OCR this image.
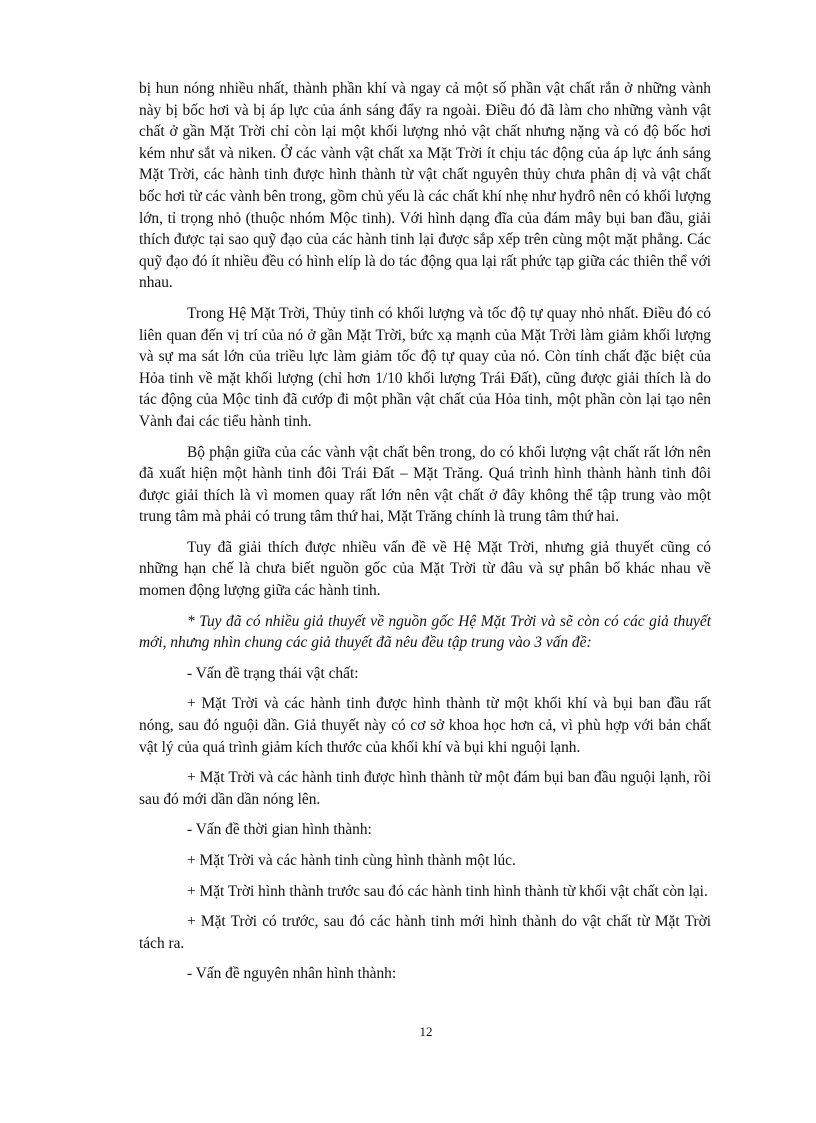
bị hun nóng nhiều nhất, thành phần khí và ngay cả một số phần vật chất rắn ở những vành này bị bốc hơi và bị áp lực của ánh sáng đẩy ra ngoài. Điều đó đã làm cho những vành vật chất ở gần Mặt Trời chỉ còn lại một khối lượng nhỏ vật chất nhưng nặng và có độ bốc hơi kém như sắt và niken. Ở các vành vật chất xa Mặt Trời ít chịu tác động của áp lực ánh sáng Mặt Trời, các hành tinh được hình thành từ vật chất nguyên thủy chưa phân dị và vật chất bốc hơi từ các vành bên trong, gồm chủ yếu là các chất khí nhẹ như hyđrô nên có khối lượng lớn, tỉ trọng nhỏ (thuộc nhóm Mộc tinh). Với hình dạng đĩa của đám mây bụi ban đầu, giải thích được tại sao quỹ đạo của các hành tinh lại được sắp xếp trên cùng một mặt phẳng. Các quỹ đạo đó ít nhiều đều có hình elíp là do tác động qua lại rất phức tạp giữa các thiên thể với nhau.

Trong Hệ Mặt Trời, Thủy tinh có khối lượng và tốc độ tự quay nhỏ nhất. Điều đó có liên quan đến vị trí của nó ở gần Mặt Trời, bức xạ mạnh của Mặt Trời làm giảm khối lượng và sự ma sát lớn của triều lực làm giảm tốc độ tự quay của nó. Còn tính chất đặc biệt của Hỏa tinh về mặt khối lượng (chỉ hơn 1/10 khối lượng Trái Đất), cũng được giải thích là do tác động của Mộc tinh đã cướp đi một phần vật chất của Hỏa tinh, một phần còn lại tạo nên Vành đai các tiểu hành tinh.

Bộ phận giữa của các vành vật chất bên trong, do có khối lượng vật chất rất lớn nên đã xuất hiện một hành tinh đôi Trái Đất – Mặt Trăng. Quá trình hình thành hành tinh đôi được giải thích là vì momen quay rất lớn nên vật chất ở đây không thể tập trung vào một trung tâm mà phải có trung tâm thứ hai, Mặt Trăng chính là trung tâm thứ hai.

Tuy đã giải thích được nhiều vấn đề về Hệ Mặt Trời, nhưng giả thuyết cũng có những hạn chế là chưa biết nguồn gốc của Mặt Trời từ đâu và sự phân bố khác nhau về momen động lượng giữa các hành tinh.

* Tuy đã có nhiều giả thuyết về nguồn gốc Hệ Mặt Trời và sẽ còn có các giả thuyết mới, nhưng nhìn chung các giả thuyết đã nêu đều tập trung vào 3 vấn đề:

- Vấn đề trạng thái vật chất:

+ Mặt Trời và các hành tinh được hình thành từ một khối khí và bụi ban đầu rất nóng, sau đó nguội dần. Giả thuyết này có cơ sở khoa học hơn cả, vì phù hợp với bản chất vật lý của quá trình giảm kích thước của khối khí và bụi khi nguội lạnh.

+ Mặt Trời và các hành tinh được hình thành từ một đám bụi ban đầu nguội lạnh, rồi sau đó mới dần dần nóng lên.

- Vấn đề thời gian hình thành:

+ Mặt Trời và các hành tinh cùng hình thành một lúc.

+ Mặt Trời hình thành trước sau đó các hành tinh hình thành từ khối vật chất còn lại.

+ Mặt Trời có trước, sau đó các hành tinh mới hình thành do vật chất từ Mặt Trời tách ra.

- Vấn đề nguyên nhân hình thành:

12
